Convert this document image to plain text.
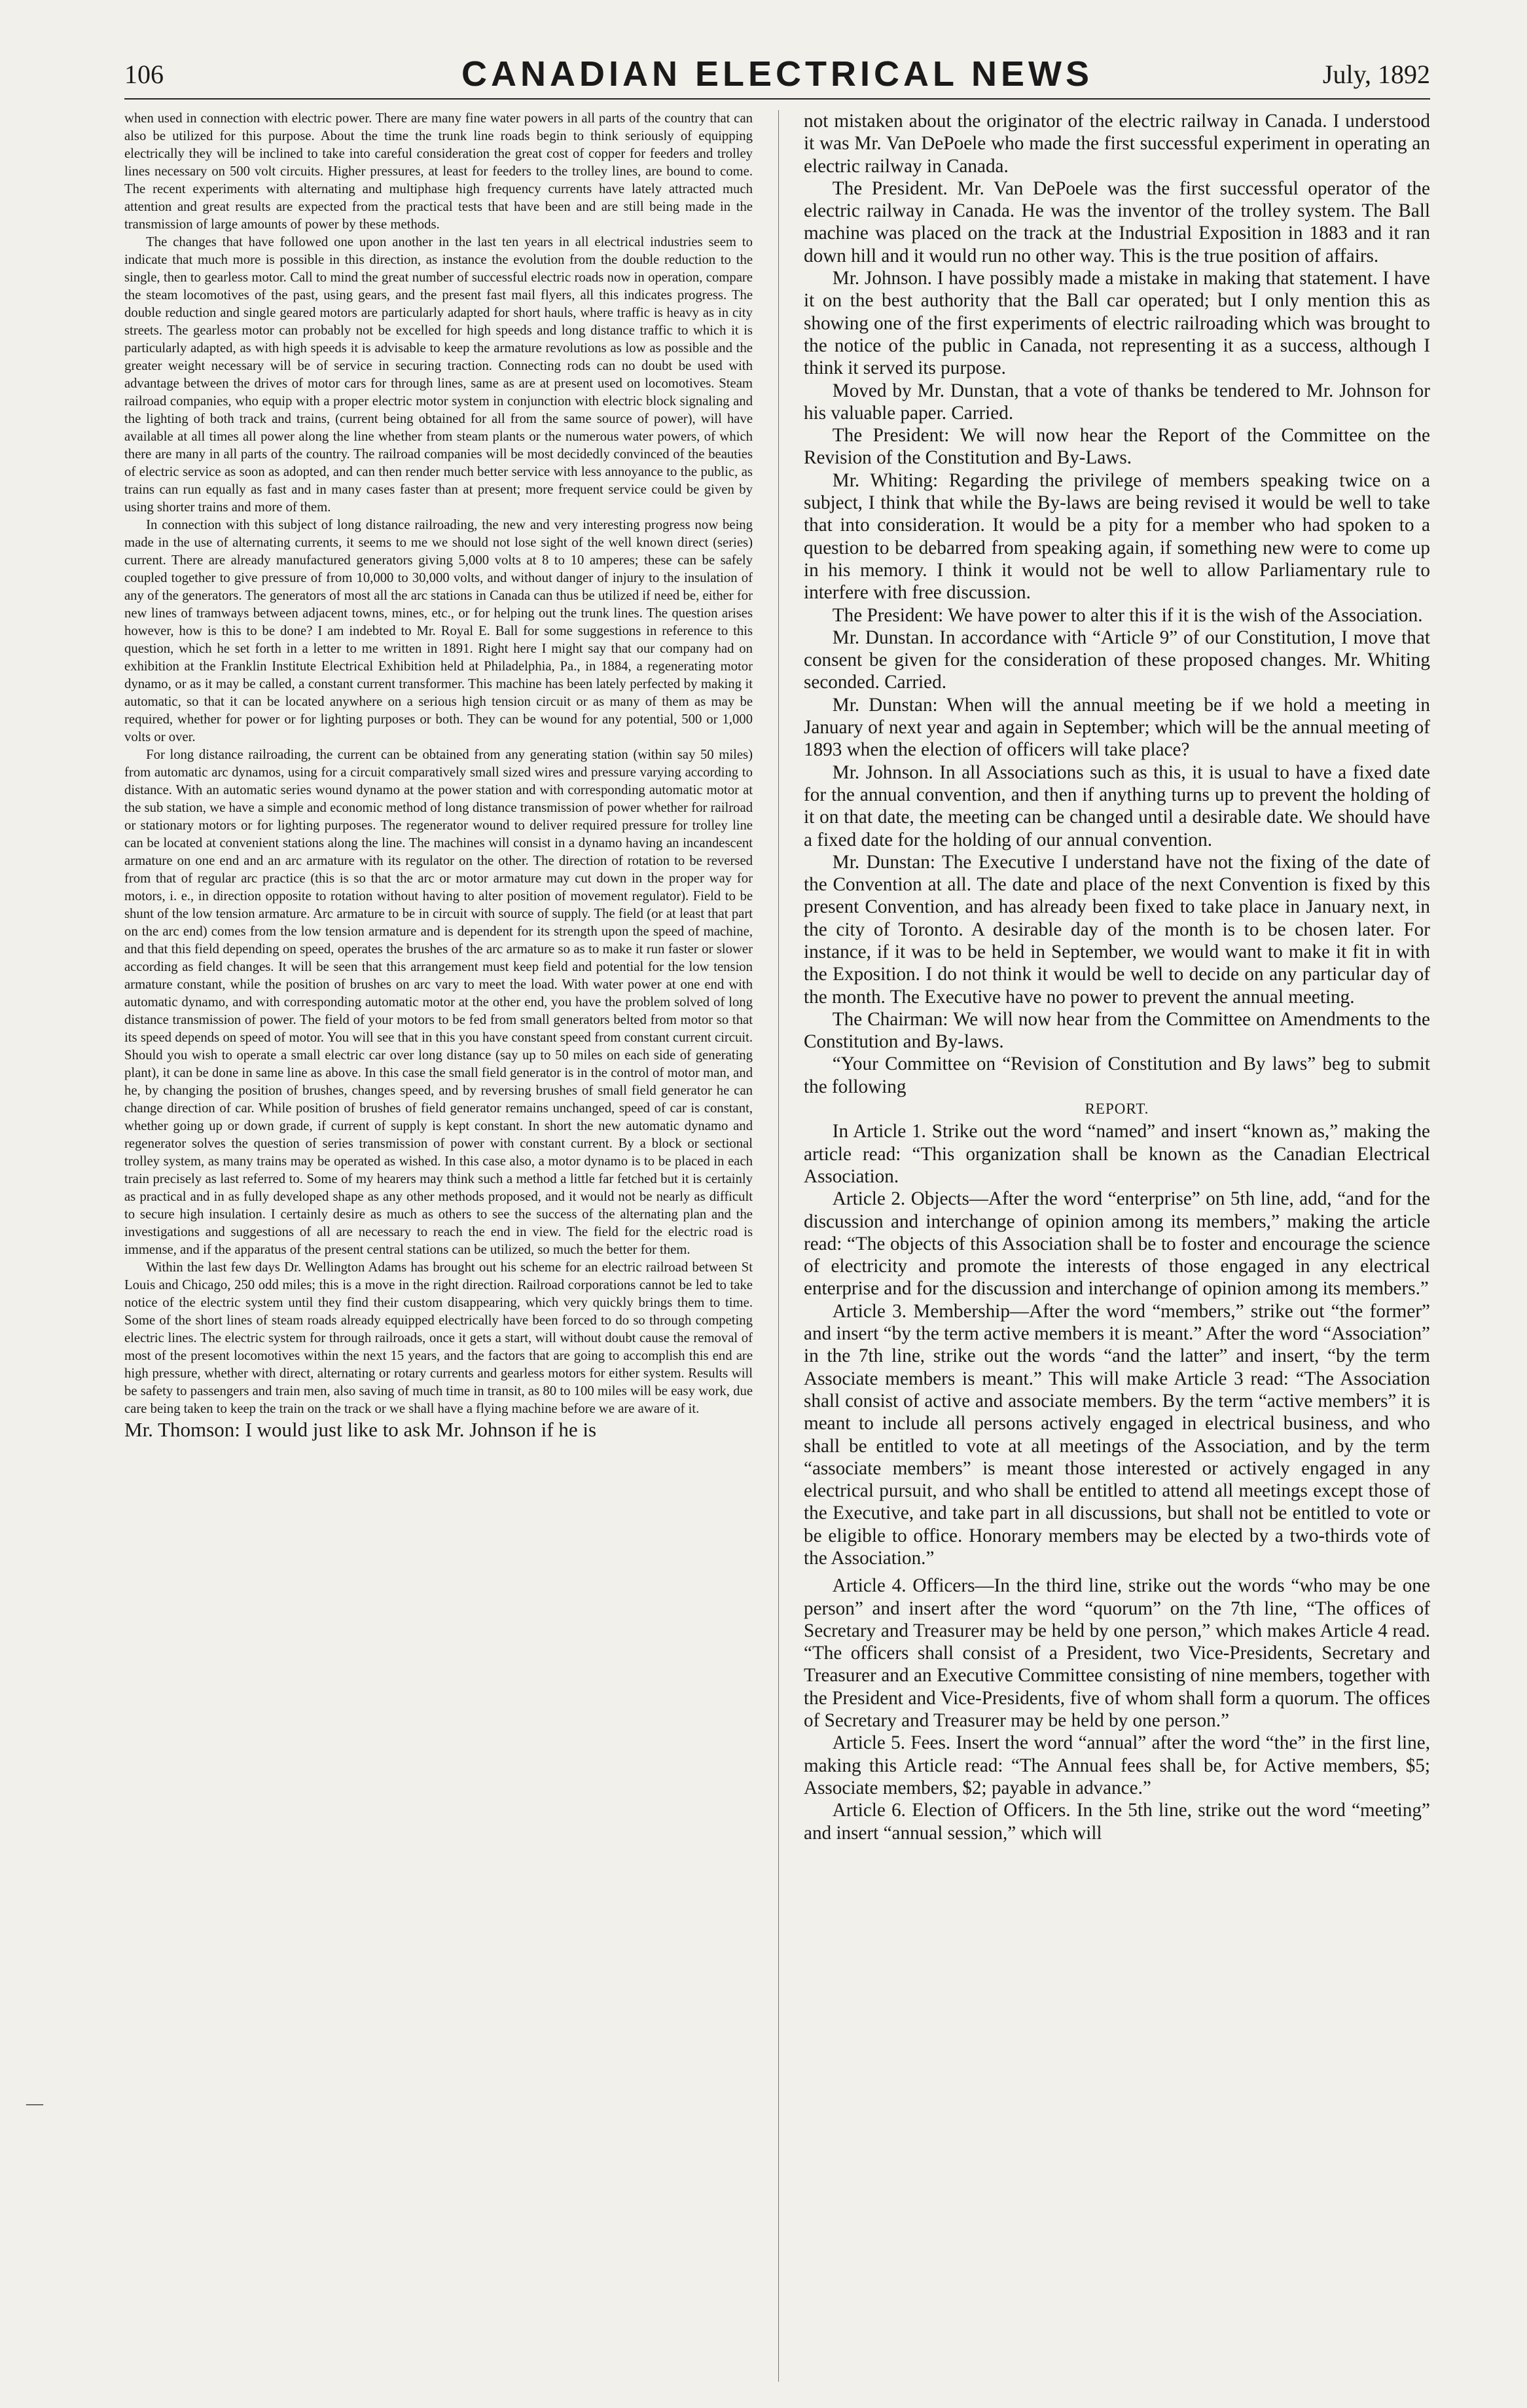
106	CANADIAN ELECTRICAL NEWS	July, 1892

when used in connection with electric power. There are many fine water powers in all parts of the country that can also be utilized for this purpose. About the time the trunk line roads begin to think seriously of equipping electrically they will be inclined to take into careful consideration the great cost of copper for feeders and trolley lines necessary on 500 volt circuits. Higher pressures, at least for feeders to the trolley lines, are bound to come. The recent experiments with alternating and multiphase high frequency currents have lately attracted much attention and great results are expected from the practical tests that have been and are still being made in the transmission of large amounts of power by these methods.

The changes that have followed one upon another in the last ten years in all electrical industries seem to indicate that much more is possible in this direction, as instance the evolution from the double reduction to the single, then to gearless motor. Call to mind the great number of successful electric roads now in operation, compare the steam locomotives of the past, using gears, and the present fast mail flyers, all this indicates progress. The double reduction and single geared motors are particularly adapted for short hauls, where traffic is heavy as in city streets. The gearless motor can probably not be excelled for high speeds and long distance traffic to which it is particularly adapted, as with high speeds it is advisable to keep the armature revolutions as low as possible and the greater weight necessary will be of service in securing traction. Connecting rods can no doubt be used with advantage between the drives of motor cars for through lines, same as are at present used on locomotives. Steam railroad companies, who equip with a proper electric motor system in conjunction with electric block signaling and the lighting of both track and trains, (current being obtained for all from the same source of power), will have available at all times all power along the line whether from steam plants or the numerous water powers, of which there are many in all parts of the country. The railroad companies will be most decidedly convinced of the beauties of electric service as soon as adopted, and can then render much better service with less annoyance to the public, as trains can run equally as fast and in many cases faster than at present; more frequent service could be given by using shorter trains and more of them.

In connection with this subject of long distance railroading, the new and very interesting progress now being made in the use of alternating currents, it seems to me we should not lose sight of the well known direct (series) current. There are already manufactured generators giving 5,000 volts at 8 to 10 amperes; these can be safely coupled together to give pressure of from 10,000 to 30,000 volts, and without danger of injury to the insulation of any of the generators. The generators of most all the arc stations in Canada can thus be utilized if need be, either for new lines of tramways between adjacent towns, mines, etc., or for helping out the trunk lines. The question arises however, how is this to be done? I am indebted to Mr. Royal E. Ball for some suggestions in reference to this question, which he set forth in a letter to me written in 1891. Right here I might say that our company had on exhibition at the Franklin Institute Electrical Exhibition held at Philadelphia, Pa., in 1884, a regenerating motor dynamo, or as it may be called, a constant current transformer. This machine has been lately perfected by making it automatic, so that it can be located anywhere on a serious high tension circuit or as many of them as may be required, whether for power or for lighting purposes or both. They can be wound for any potential, 500 or 1,000 volts or over.

For long distance railroading, the current can be obtained from any generating station (within say 50 miles) from automatic arc dynamos, using for a circuit comparatively small sized wires and pressure varying according to distance. With an automatic series wound dynamo at the power station and with corresponding automatic motor at the sub station, we have a simple and economic method of long distance transmission of power whether for railroad or stationary motors or for lighting purposes. The regenerator wound to deliver required pressure for trolley line can be located at convenient stations along the line. The machines will consist in a dynamo having an incandescent armature on one end and an arc armature with its regulator on the other. The direction of rotation to be reversed from that of regular arc practice (this is so that the arc or motor armature may cut down in the proper way for motors, i. e., in direction opposite to rotation without having to alter position of movement regulator). Field to be shunt of the low tension armature. Arc armature to be in circuit with source of supply. The field (or at least that part on the arc end) comes from the low tension armature and is dependent for its strength upon the speed of machine, and that this field depending on speed, operates the brushes of the arc armature so as to make it run faster or slower according as field changes. It will be seen that this arrangement must keep field and potential for the low tension armature constant, while the position of brushes on arc vary to meet the load. With water power at one end with automatic dynamo, and with corresponding automatic motor at the other end, you have the problem solved of long distance transmission of power. The field of your motors to be fed from small generators belted from motor so that its speed depends on speed of motor. You will see that in this you have constant speed from constant current circuit. Should you wish to operate a small electric car over long distance (say up to 50 miles on each side of generating plant), it can be done in same line as above. In this case the small field generator is in the control of motor man, and he, by changing the position of brushes, changes speed, and by reversing brushes of small field generator he can change direction of car. While position of brushes of field generator remains unchanged, speed of car is constant, whether going up or down grade, if current of supply is kept constant. In short the new automatic dynamo and regenerator solves the question of series transmission of power with constant current. By a block or sectional trolley system, as many trains may be operated as wished. In this case also, a motor dynamo is to be placed in each train precisely as last referred to. Some of my hearers may think such a method a little far fetched but it is certainly as practical and in as fully developed shape as any other methods proposed, and it would not be nearly as difficult to secure high insulation. I certainly desire as much as others to see the success of the alternating plan and the investigations and suggestions of all are necessary to reach the end in view. The field for the electric road is immense, and if the apparatus of the present central stations can be utilized, so much the better for them.

Within the last few days Dr. Wellington Adams has brought out his scheme for an electric railroad between St Louis and Chicago, 250 odd miles; this is a move in the right direction. Railroad corporations cannot be led to take notice of the electric system until they find their custom disappearing, which very quickly brings them to time. Some of the short lines of steam roads already equipped electrically have been forced to do so through competing electric lines. The electric system for through railroads, once it gets a start, will without doubt cause the removal of most of the present locomotives within the next 15 years, and the factors that are going to accomplish this end are high pressure, whether with direct, alternating or rotary currents and gearless motors for either system. Results will be safety to passengers and train men, also saving of much time in transit, as 80 to 100 miles will be easy work, due care being taken to keep the train on the track or we shall have a flying machine before we are aware of it.

Mr. Thomson: I would just like to ask Mr. Johnson if he is

not mistaken about the originator of the electric railway in Canada. I understood it was Mr. Van DePoele who made the first successful experiment in operating an electric railway in Canada.

The President. Mr. Van DePoele was the first successful operator of the electric railway in Canada. He was the inventor of the trolley system. The Ball machine was placed on the track at the Industrial Exposition in 1883 and it ran down hill and it would run no other way. This is the true position of affairs.

Mr. Johnson. I have possibly made a mistake in making that statement. I have it on the best authority that the Ball car operated; but I only mention this as showing one of the first experiments of electric railroading which was brought to the notice of the public in Canada, not representing it as a success, although I think it served its purpose.

Moved by Mr. Dunstan, that a vote of thanks be tendered to Mr. Johnson for his valuable paper. Carried.

The President: We will now hear the Report of the Committee on the Revision of the Constitution and By-Laws.

Mr. Whiting: Regarding the privilege of members speaking twice on a subject, I think that while the By-laws are being revised it would be well to take that into consideration. It would be a pity for a member who had spoken to a question to be debarred from speaking again, if something new were to come up in his memory. I think it would not be well to allow Parliamentary rule to interfere with free discussion.

The President: We have power to alter this if it is the wish of the Association.

Mr. Dunstan. In accordance with “Article 9” of our Constitution, I move that consent be given for the consideration of these proposed changes. Mr. Whiting seconded. Carried.

Mr. Dunstan: When will the annual meeting be if we hold a meeting in January of next year and again in September; which will be the annual meeting of 1893 when the election of officers will take place?

Mr. Johnson. In all Associations such as this, it is usual to have a fixed date for the annual convention, and then if anything turns up to prevent the holding of it on that date, the meeting can be changed until a desirable date. We should have a fixed date for the holding of our annual convention.

Mr. Dunstan: The Executive I understand have not the fixing of the date of the Convention at all. The date and place of the next Convention is fixed by this present Convention, and has already been fixed to take place in January next, in the city of Toronto. A desirable day of the month is to be chosen later. For instance, if it was to be held in September, we would want to make it fit in with the Exposition. I do not think it would be well to decide on any particular day of the month. The Executive have no power to prevent the annual meeting.

The Chairman: We will now hear from the Committee on Amendments to the Constitution and By-laws.

“Your Committee on “Revision of Constitution and By laws” beg to submit the following

REPORT.

In Article 1. Strike out the word “named” and insert “known as,” making the article read: “This organization shall be known as the Canadian Electrical Association.

Article 2. Objects—After the word “enterprise” on 5th line, add, “and for the discussion and interchange of opinion among its members,” making the article read: “The objects of this Association shall be to foster and encourage the science of electricity and promote the interests of those engaged in any electrical enterprise and for the discussion and interchange of opinion among its members.”

Article 3. Membership—After the word “members,” strike out “the former” and insert “by the term active members it is meant.” After the word “Association” in the 7th line, strike out the words “and the latter” and insert, “by the term Associate members is meant.” This will make Article 3 read: “The Association shall consist of active and associate members. By the term “active members” it is meant to include all persons actively engaged in electrical business, and who shall be entitled to vote at all meetings of the Association, and by the term “associate members” is meant those interested or actively engaged in any electrical pursuit, and who shall be entitled to attend all meetings except those of the Executive, and take part in all discussions, but shall not be entitled to vote or be eligible to office. Honorary members may be elected by a two-thirds vote of the Association.”

Article 4. Officers—In the third line, strike out the words “who may be one person” and insert after the word “quorum” on the 7th line, “The offices of Secretary and Treasurer may be held by one person,” which makes Article 4 read. “The officers shall consist of a President, two Vice-Presidents, Secretary and Treasurer and an Executive Committee consisting of nine members, together with the President and Vice-Presidents, five of whom shall form a quorum. The offices of Secretary and Treasurer may be held by one person.”

Article 5. Fees. Insert the word “annual” after the word “the” in the first line, making this Article read: “The Annual fees shall be, for Active members, $5; Associate members, $2; payable in advance.”

Article 6. Election of Officers. In the 5th line, strike out the word “meeting” and insert “annual session,” which will

—
